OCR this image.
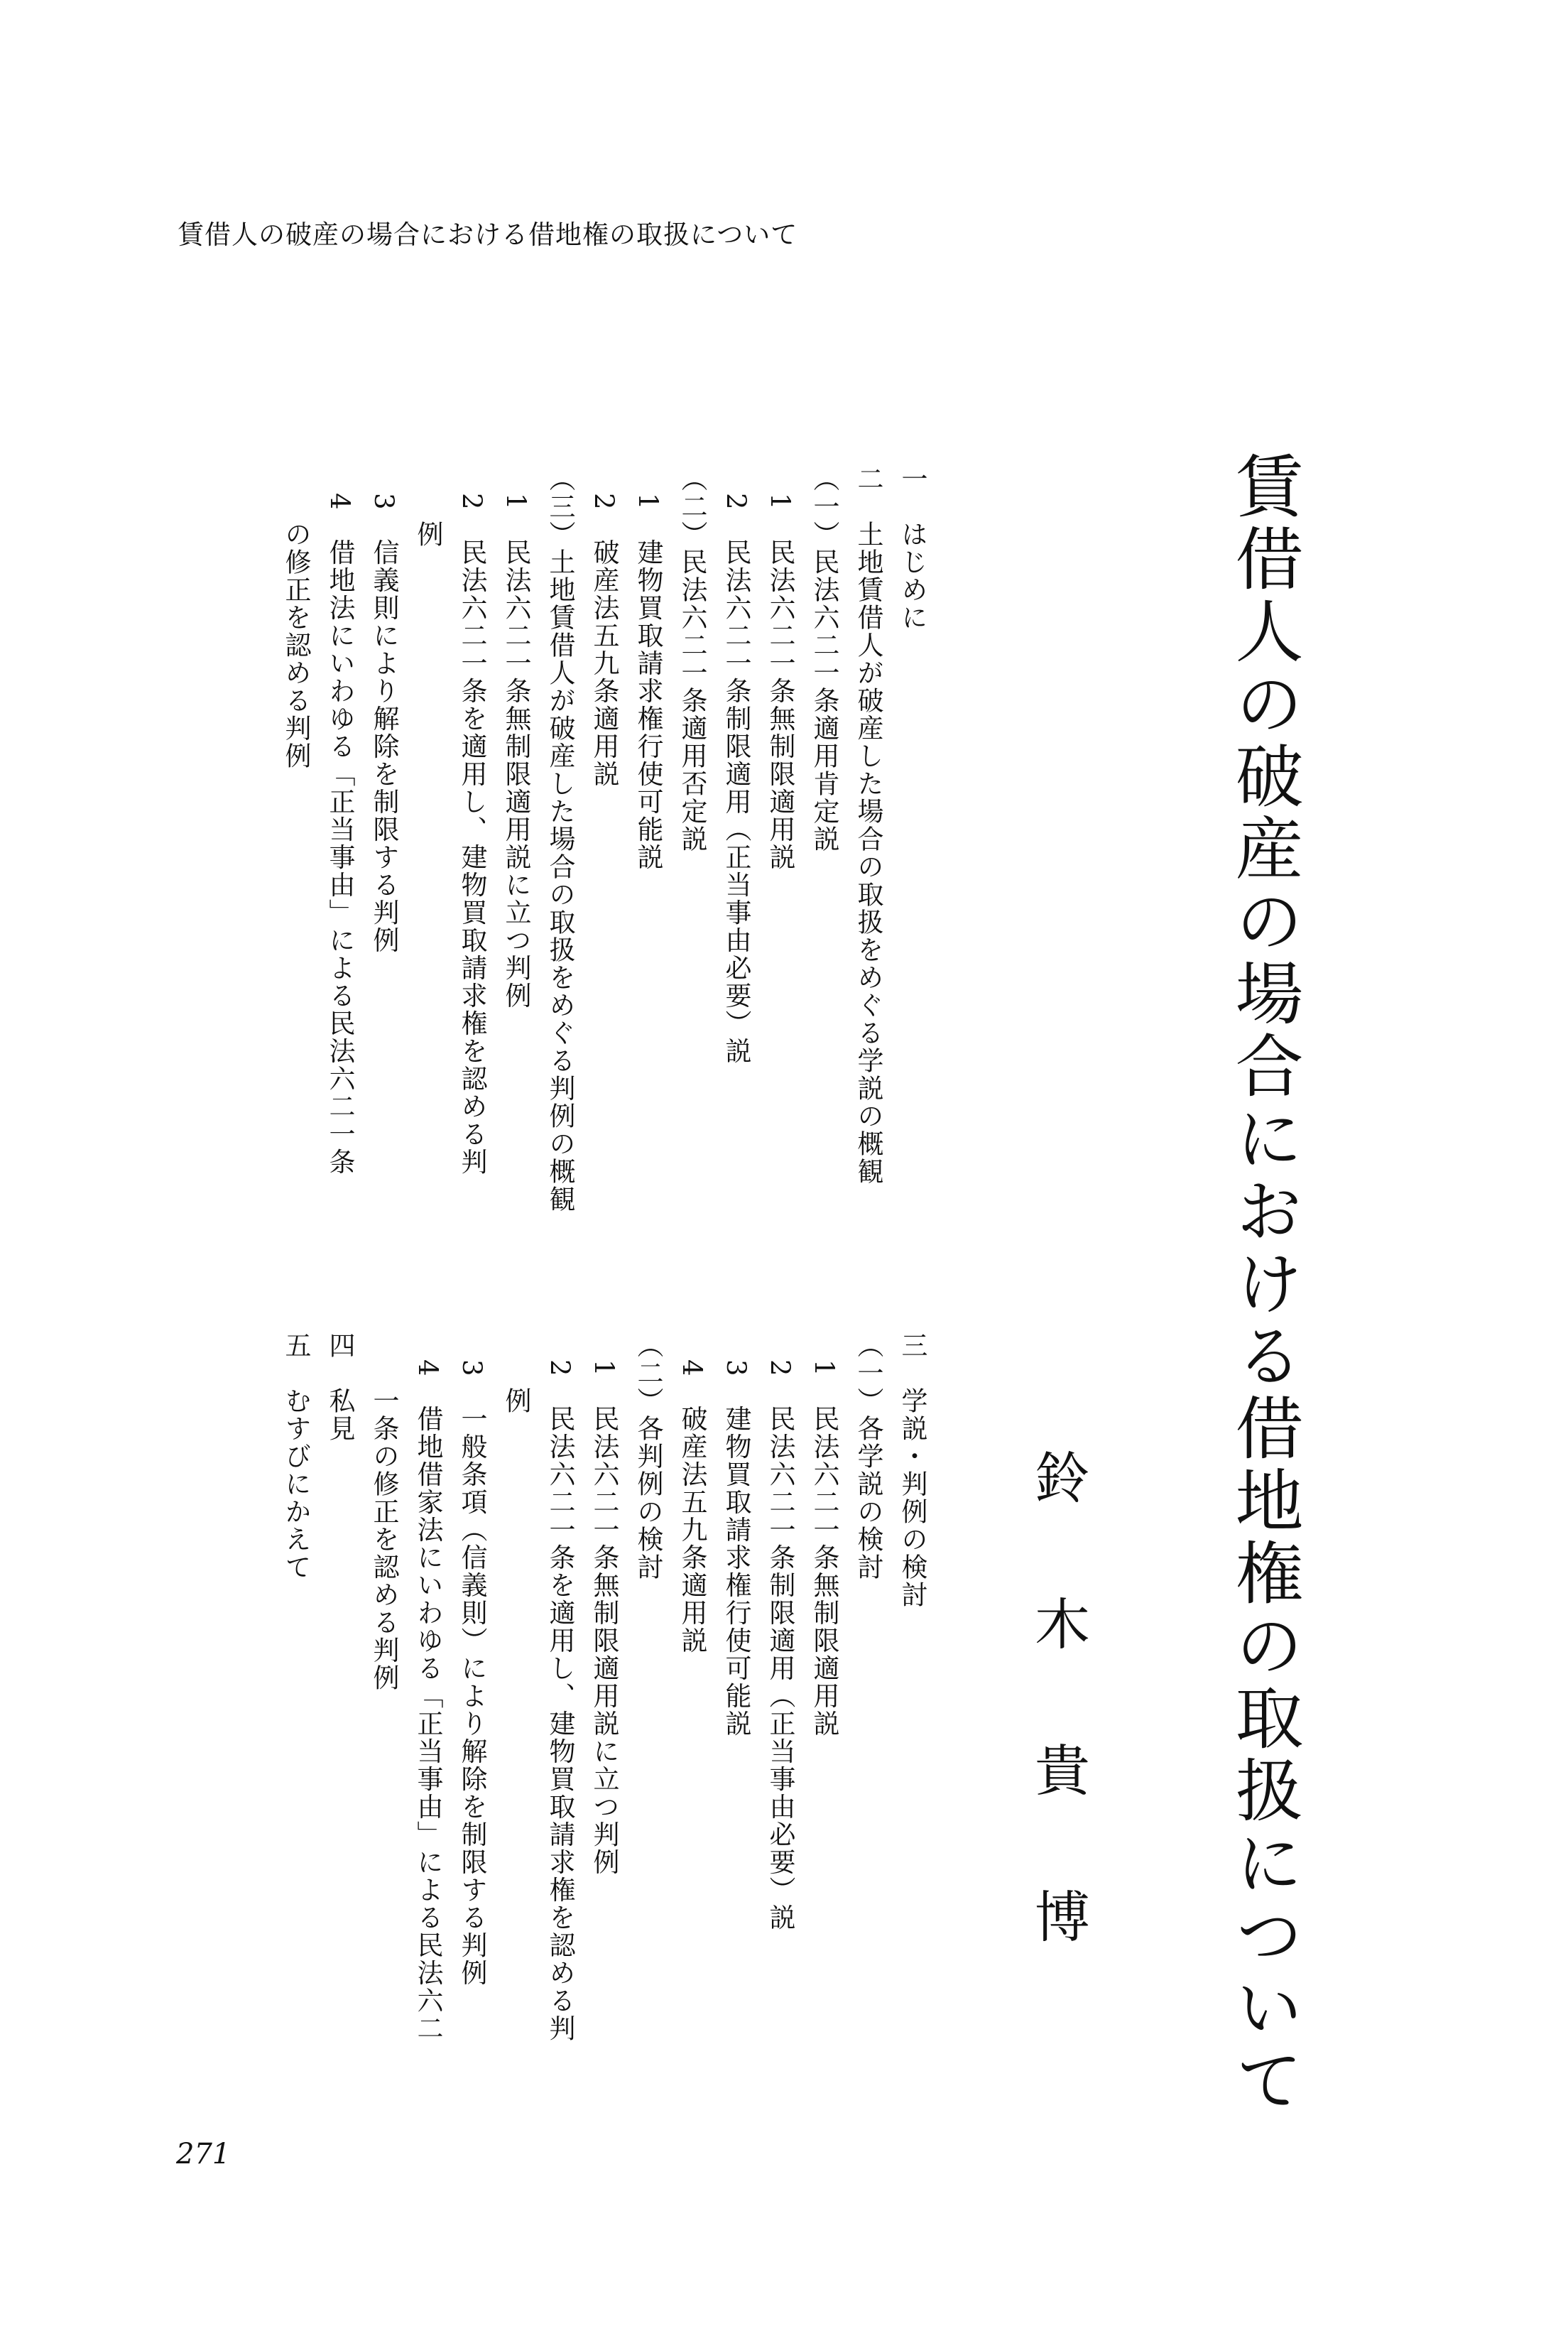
賃借人の破産の場合における借地権の取扱について
賃借人の破産の場合における借地権の取扱について
鈴木貴博
一　はじめに
二　土地賃借人が破産した場合の取扱をめぐる学説の概観
（一）民法六二一条適用肯定説
　1　民法六二一条無制限適用説
　2　民法六二一条制限適用（正当事由必要）説
（二）民法六二一条適用否定説
　1　建物買取請求権行使可能説
　2　破産法五九条適用説
（三）土地賃借人が破産した場合の取扱をめぐる判例の概観
　1　民法六二一条無制限適用説に立つ判例
　2　民法六二一条を適用し、建物買取請求権を認める判
　　例
　3　信義則により解除を制限する判例
　4　借地法にいわゆる「正当事由」による民法六二一条
　　の修正を認める判例
三　学説・判例の検討
（一）各学説の検討
　1　民法六二一条無制限適用説
　2　民法六二一条制限適用（正当事由必要）説
　3　建物買取請求権行使可能説
　4　破産法五九条適用説
（二）各判例の検討
　1　民法六二一条無制限適用説に立つ判例
　2　民法六二一条を適用し、建物買取請求権を認める判
　　例
　3　一般条項（信義則）により解除を制限する判例
　4　借地借家法にいわゆる「正当事由」による民法六二
　　一条の修正を認める判例
四　私見
五　むすびにかえて
271
